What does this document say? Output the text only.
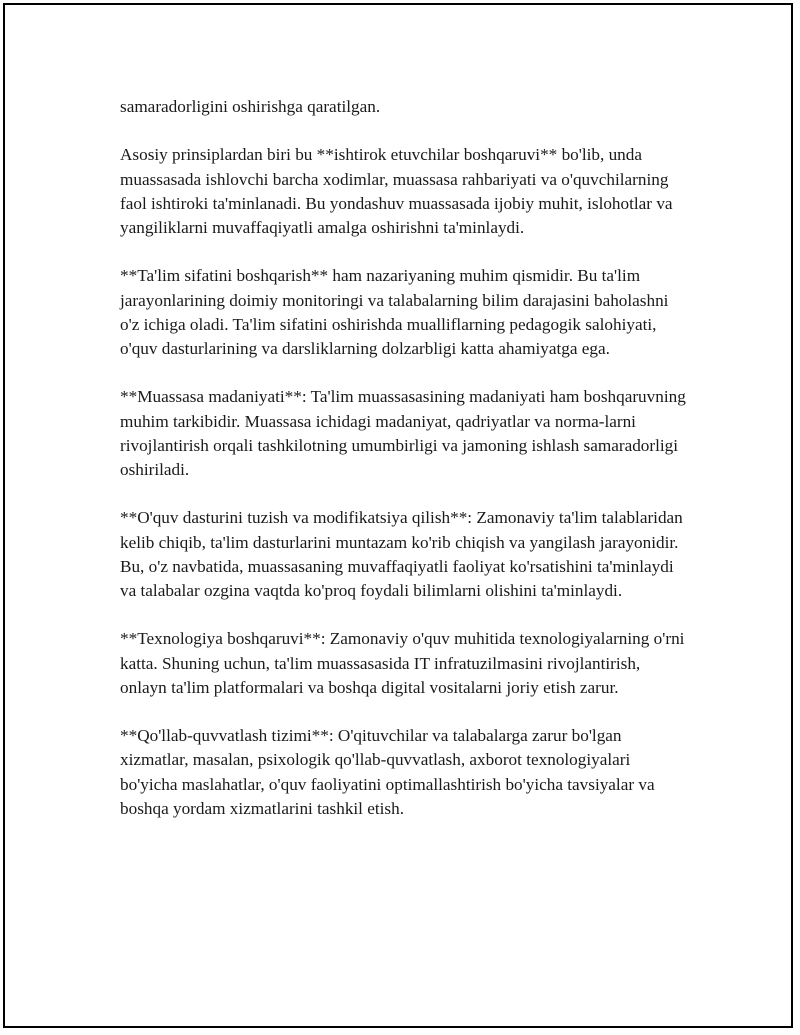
samaradorligini oshirishga qaratilgan.

Asosiy prinsiplardan biri bu **ishtirok etuvchilar boshqaruvi** bo'lib, unda muassasada ishlovchi barcha xodimlar, muassasa rahbariyati va o'quvchilarning faol ishtiroki ta'minlanadi. Bu yondashuv muassasada ijobiy muhit, islohotlar va yangiliklarni muvaffaqiyatli amalga oshirishni ta'minlaydi.

**Ta'lim sifatini boshqarish** ham nazariyaning muhim qismidir. Bu ta'lim jarayonlarining doimiy monitoringi va talabalarning bilim darajasini baholashni o'z ichiga oladi. Ta'lim sifatini oshirishda mualliflarning pedagogik salohiyati, o'quv dasturlarining va darsliklarning dolzarbligi katta ahamiyatga ega.

**Muassasa madaniyati**: Ta'lim muassasasining madaniyati ham boshqaruvning muhim tarkibidir. Muassasa ichidagi madaniyat, qadriyatlar va norma-larni rivojlantirish orqali tashkilotning umumbirligi va jamoning ishlash samaradorligi oshiriladi.

**O'quv dasturini tuzish va modifikatsiya qilish**: Zamonaviy ta'lim talablaridan kelib chiqib, ta'lim dasturlarini muntazam ko'rib chiqish va yangilash jarayonidir. Bu, o'z navbatida, muassasaning muvaffaqiyatli faoliyat ko'rsatishini ta'minlaydi va talabalar ozgina vaqtda ko'proq foydali bilimlarni olishini ta'minlaydi.

**Texnologiya boshqaruvi**: Zamonaviy o'quv muhitida texnologiyalarning o'rni katta. Shuning uchun, ta'lim muassasasida IT infratuzilmasini rivojlantirish, onlayn ta'lim platformalari va boshqa digital vositalarni joriy etish zarur.

**Qo'llab-quvvatlash tizimi**: O'qituvchilar va talabalarga zarur bo'lgan xizmatlar, masalan, psixologik qo'llab-quvvatlash, axborot texnologiyalari bo'yicha maslahatlar, o'quv faoliyatini optimallashtirish bo'yicha tavsiyalar va boshqa yordam xizmatlarini tashkil etish.
